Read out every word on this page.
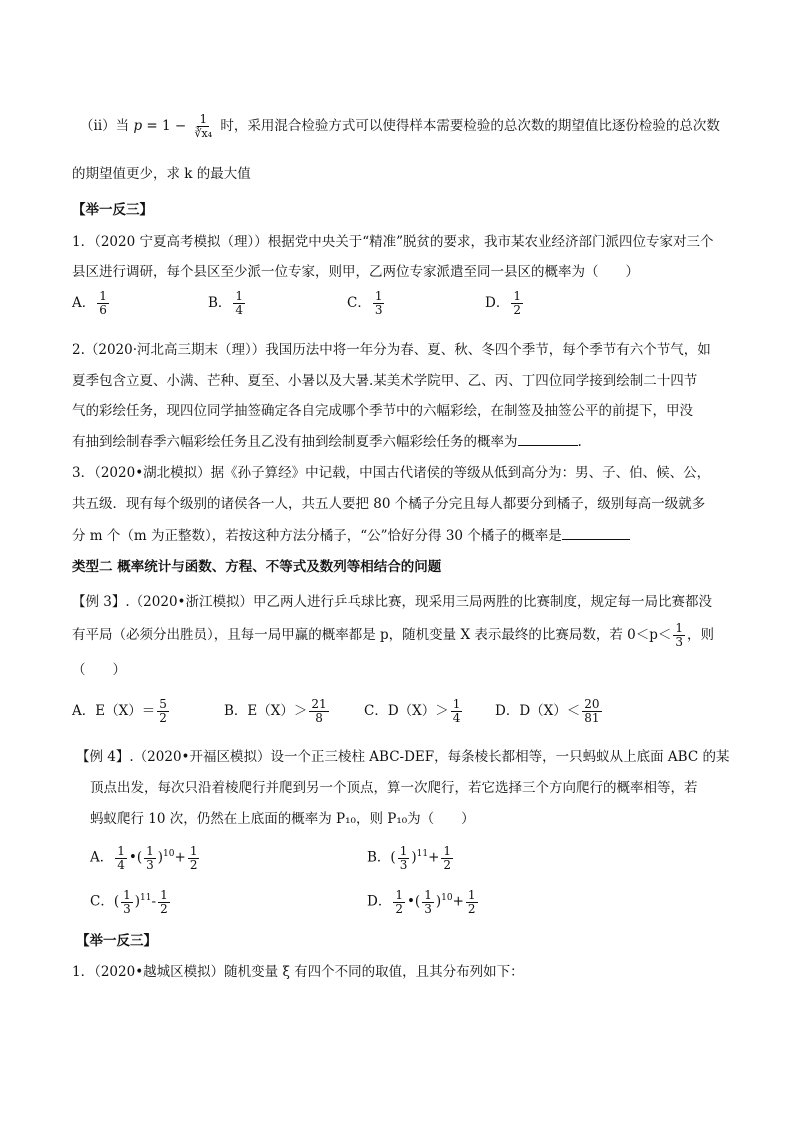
（ii）当 $p = 1 - \frac{1}{\text{∛x₄}}$ 时，采用混合检验方式可以使得样本需要检验的总次数的期望值比逐份检验的总次数
的期望值更少，求 k 的最大值
【举一反三】
1．（2020 宁夏高考模拟（理））根据党中央关于“精准”脱贫的要求，我市某农业经济部门派四位专家对三个
县区进行调研，每个县区至少派一位专家，则甲，乙两位专家派遣至同一县区的概率为（　　）
A． $\frac{1}{6}$	B． $\frac{1}{4}$	C． $\frac{1}{3}$	D． $\frac{1}{2}$
2.（2020·河北高三期末（理））我国历法中将一年分为春、夏、秋、冬四个季节，每个季节有六个节气，如
夏季包含立夏、小满、芒种、夏至、小暑以及大暑.某美术学院甲、乙、丙、丁四位同学接到绘制二十四节
气的彩绘任务，现四位同学抽签确定各自完成哪个季节中的六幅彩绘，在制签及抽签公平的前提下，甲没
有抽到绘制春季六幅彩绘任务且乙没有抽到绘制夏季六幅彩绘任务的概率为	.
3．（2020•湖北模拟）据《孙子算经》中记载，中国古代诸侯的等级从低到高分为：男、子、伯、候、公，
共五级．现有每个级别的诸侯各一人，共五人要把 80 个橘子分完且每人都要分到橘子，级别每高一级就多
分 m 个（m 为正整数），若按这种方法分橘子，“公”恰好分得 30 个橘子的概率是
类型二 概率统计与函数、方程、不等式及数列等相结合的问题
【例 3】.（2020•浙江模拟）甲乙两人进行乒乓球比赛，现采用三局两胜的比赛制度，规定每一局比赛都没
有平局（必须分出胜员），且每一局甲赢的概率都是 p，随机变量 X 表示最终的比赛局数，若 $0<p< \frac{1}{3}$ ，则
（　　）
A．$E(X)= \frac{5}{2}$	B．$E(X)> \frac{21}{8}$	C．$D(X)> \frac{1}{4}$ D．$D(X)< \frac{20}{81}$
【例 4】.（2020•开福区模拟）设一个正三棱柱 ABC-DEF，每条棱长都相等，一只蚂蚁从上底面 ABC 的某
顶点出发，每次只沿着棱爬行并爬到另一个顶点，算一次爬行，若它选择三个方向爬行的概率相等，若
蚂蚁爬行 10 次，仍然在上底面的概率为 P₁₀，则 P₁₀为（　　）
A． $\frac{1}{4}$ •( $\frac{1}{3} )^{10}+ \frac{1}{2}$	B．( $\frac{1}{3} )^{11}+ \frac{1}{2}$
C．( $\frac{1}{3} )^{11}- \frac{1}{2}$	D． $\frac{1}{2}$ •( $\frac{1}{3} )^{10}+ \frac{1}{2}$
【举一反三】
1．（2020•越城区模拟）随机变量 ξ 有四个不同的取值，且其分布列如下：
